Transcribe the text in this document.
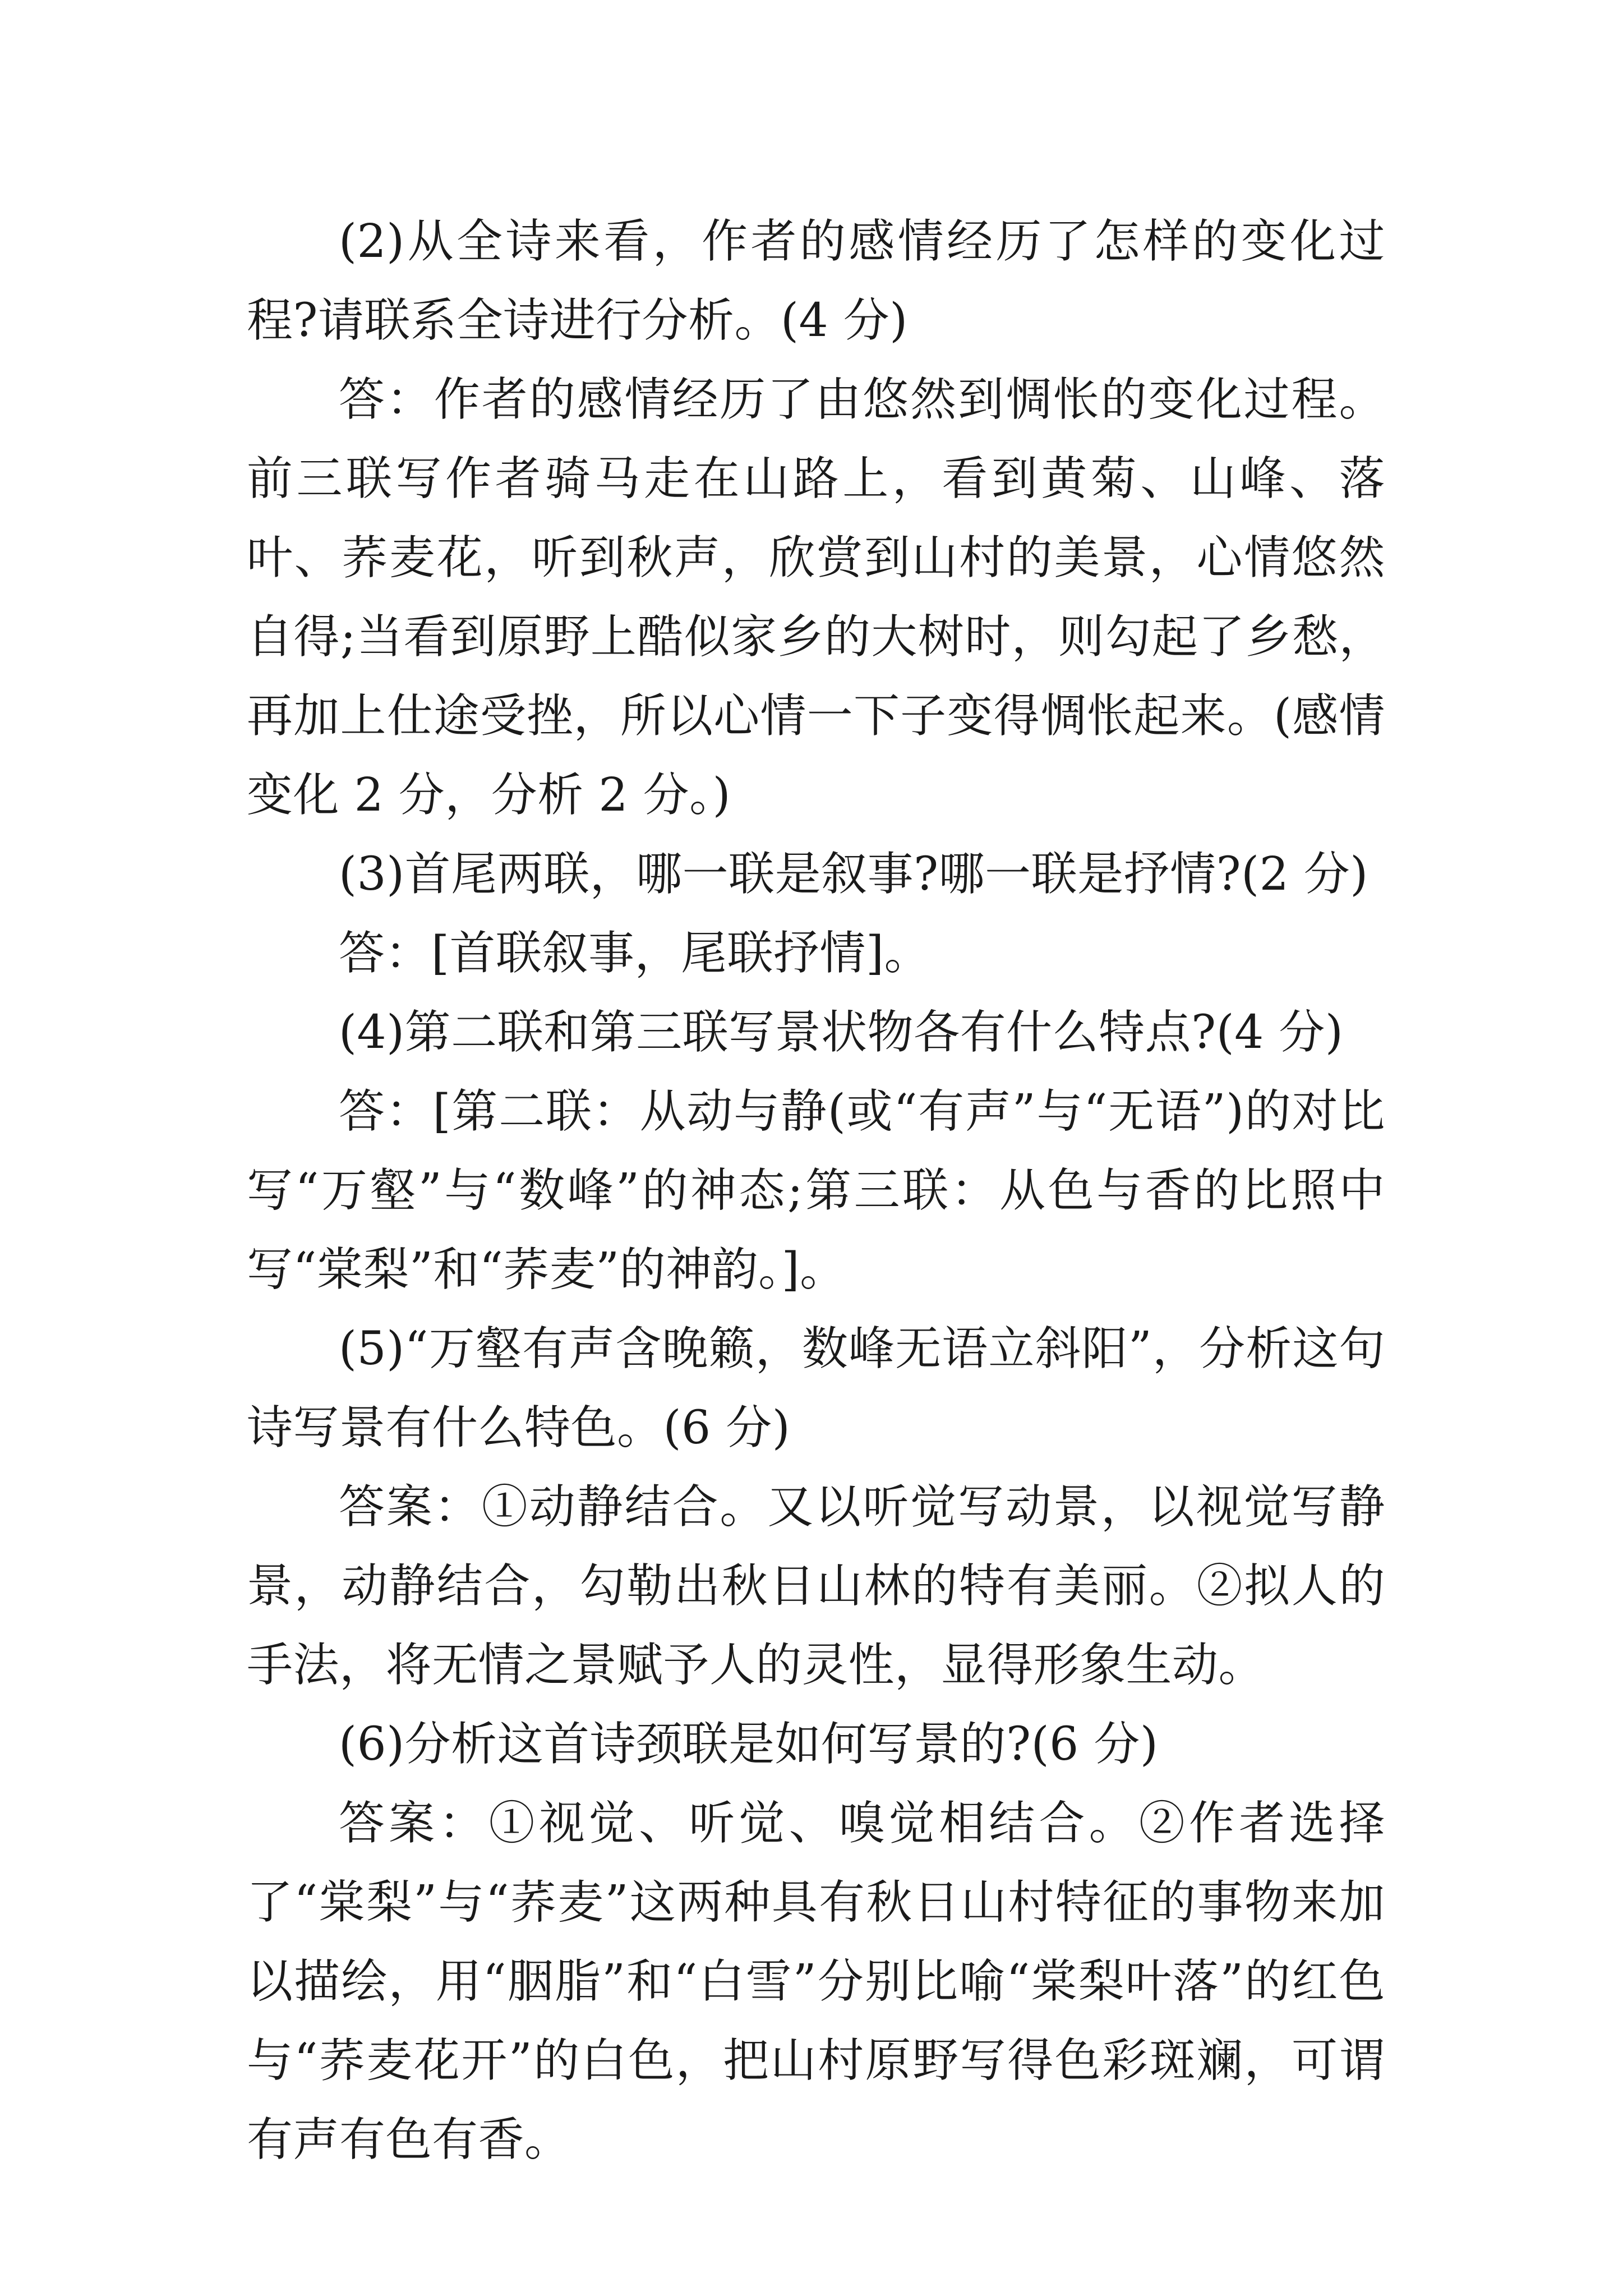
(2)从全诗来看，作者的感情经历了怎样的变化过程?请联系全诗进行分析。(4 分)

答：作者的感情经历了由悠然到惆怅的变化过程。前三联写作者骑马走在山路上，看到黄菊、山峰、落叶、荞麦花，听到秋声，欣赏到山村的美景，心情悠然自得;当看到原野上酷似家乡的大树时，则勾起了乡愁，再加上仕途受挫，所以心情一下子变得惆怅起来。(感情变化 2 分，分析 2 分。)

(3)首尾两联，哪一联是叙事?哪一联是抒情?(2 分)

答：[首联叙事，尾联抒情]。

(4)第二联和第三联写景状物各有什么特点?(4 分)

答：[第二联：从动与静(或“有声”与“无语”)的对比写“万壑”与“数峰”的神态;第三联：从色与香的比照中写“棠梨”和“荞麦”的神韵。]。

(5)“万壑有声含晚籁，数峰无语立斜阳”，分析这句诗写景有什么特色。(6 分)

答案：①动静结合。又以听觉写动景，以视觉写静景，动静结合，勾勒出秋日山林的特有美丽。②拟人的手法，将无情之景赋予人的灵性，显得形象生动。

(6)分析这首诗颈联是如何写景的?(6 分)

答案：①视觉、听觉、嗅觉相结合。②作者选择了“棠梨”与“荞麦”这两种具有秋日山村特征的事物来加以描绘，用“胭脂”和“白雪”分别比喻“棠梨叶落”的红色与“荞麦花开”的白色，把山村原野写得色彩斑斓，可谓有声有色有香。
